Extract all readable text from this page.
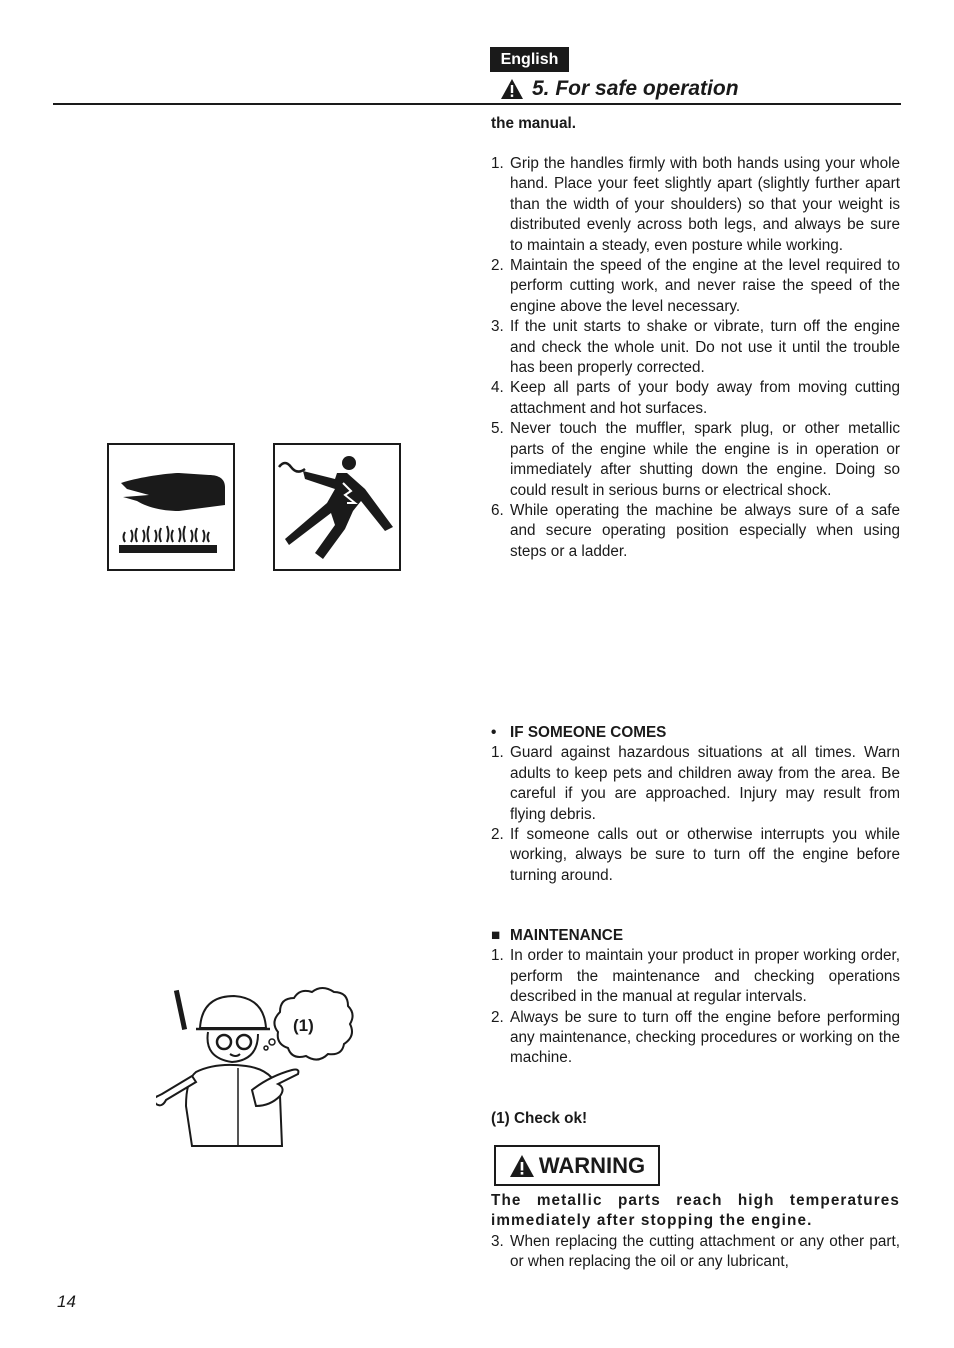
English
5. For safe operation
the manual.
1. Grip the handles firmly with both hands using your whole hand. Place your feet slightly apart (slightly further apart than the width of your shoulders) so that your weight is distributed evenly across both legs, and always be sure to maintain a steady, even posture while working.
2. Maintain the speed of the engine at the level required to perform cutting work, and never raise the speed of the engine above the level necessary.
3. If the unit starts to shake or vibrate, turn off the engine and check the whole unit. Do not use it until the trouble has been properly corrected.
4. Keep all parts of your body away from moving cutting attachment and hot surfaces.
5. Never touch the muffler, spark plug, or other metallic parts of the engine while the engine is in operation or immediately after shutting down the engine. Doing so could result in serious burns or electrical shock.
6. While operating the machine be always sure of a safe and secure operating position especially when using steps or a ladder.
• IF SOMEONE COMES
1. Guard against hazardous situations at all times. Warn adults to keep pets and children away from the area. Be careful if you are approached. Injury may result from flying debris.
2. If someone calls out or otherwise interrupts you while working, always be sure to turn off the engine before turning around.
■ MAINTENANCE
1. In order to maintain your product in proper working order, perform the maintenance and checking operations described in the manual at regular intervals.
2. Always be sure to turn off the engine before performing any maintenance, checking procedures or working on the machine.
(1) Check ok!
WARNING
The metallic parts reach high temperatures immediately after stopping the engine.
3. When replacing the cutting attachment or any other part, or when replacing the oil or any lubricant,
(1)
14
